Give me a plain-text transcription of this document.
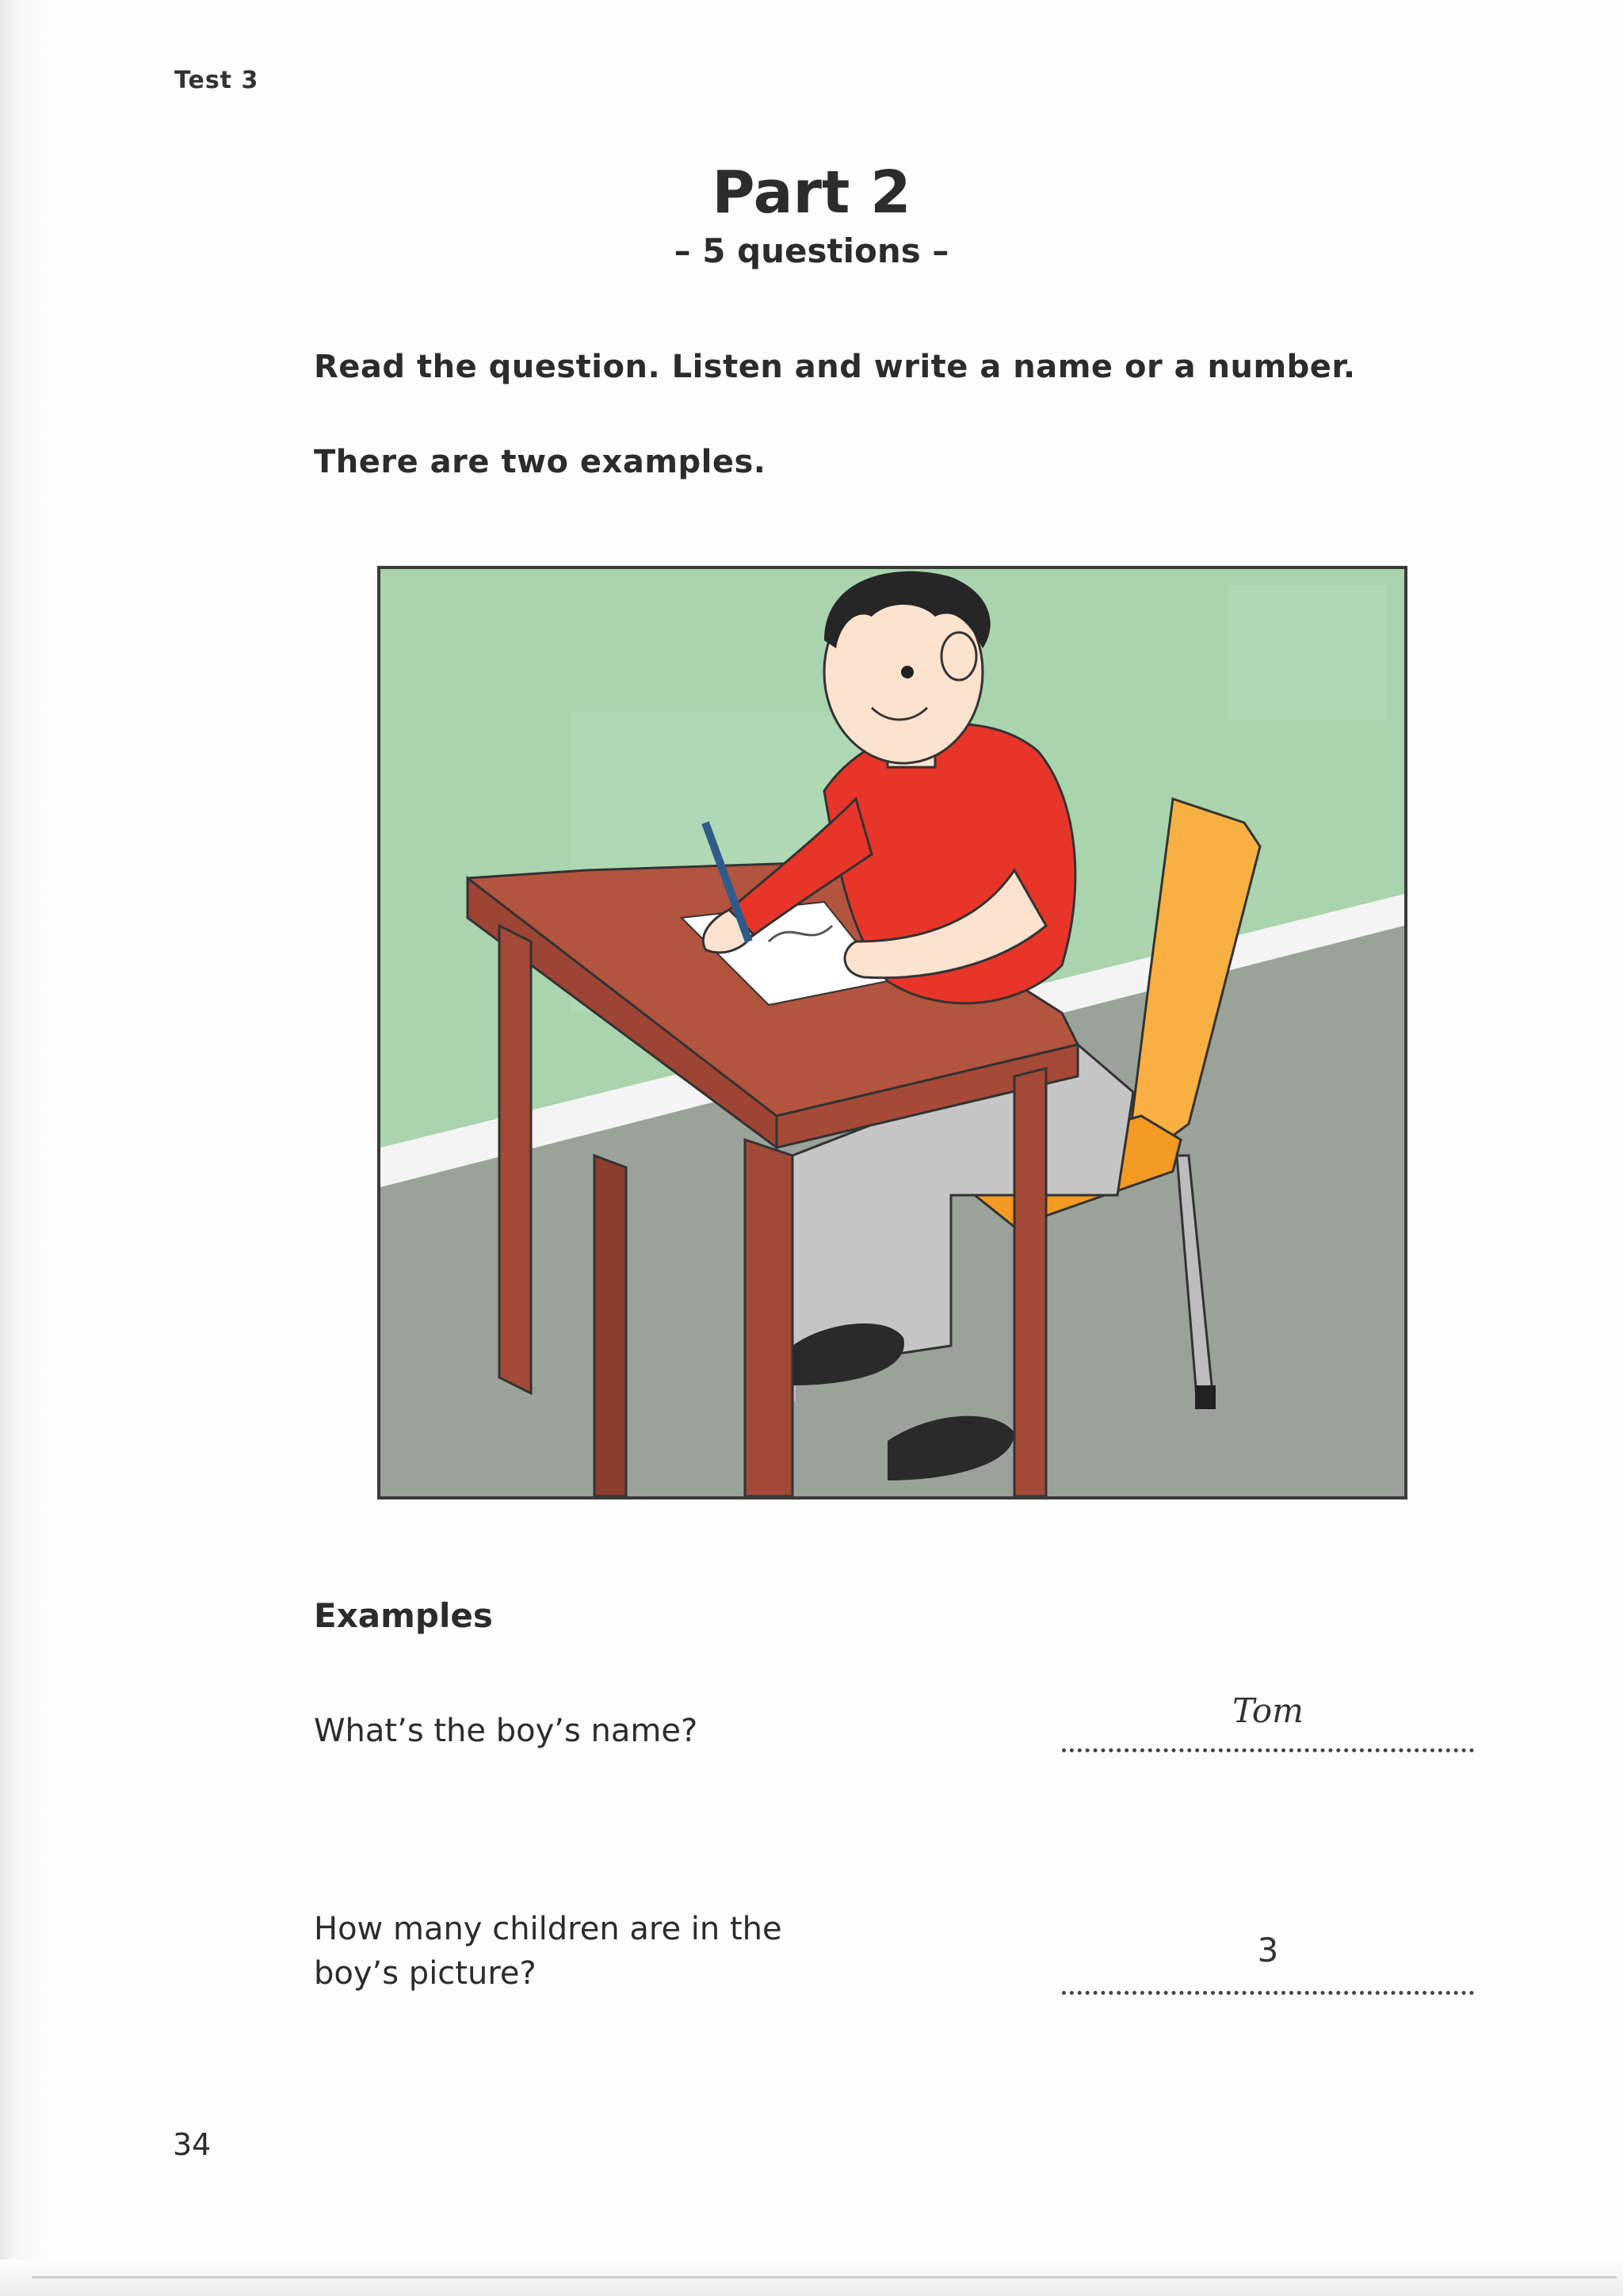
Test 3
Part 2
– 5 questions –
Read the question. Listen and write a name or a number.
There are two examples.
Examples
What’s the boy’s name?
Tom
How many children are in the boy’s picture?
3
34
